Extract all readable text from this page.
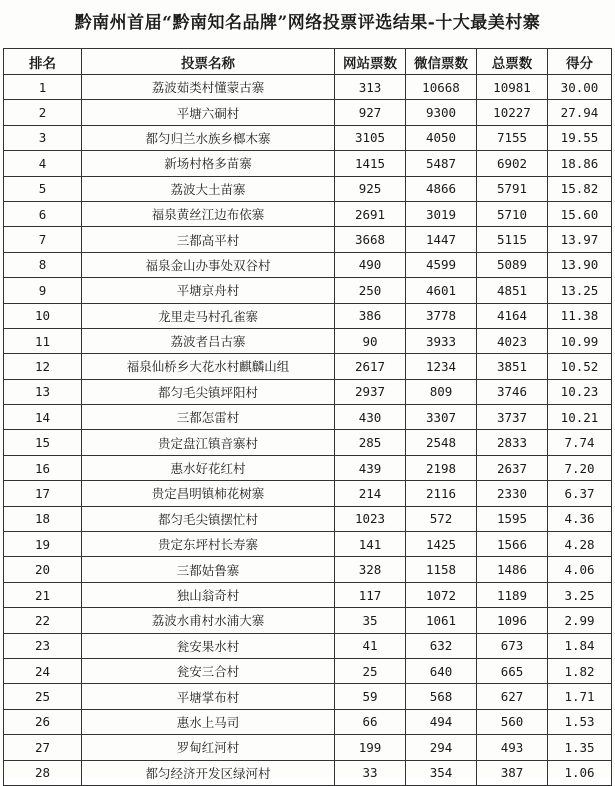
黔南州首届“黔南知名品牌”网络投票评选结果-十大最美村寨
排名	投票名称	网站票数	微信票数	总票数	得分
1	荔波茹类村懂蒙古寨	313	10668	10981	30.00
2	平塘六硐村	927	9300	10227	27.94
3	都匀归兰水族乡榔木寨	3105	4050	7155	19.55
4	新场村格多苗寨	1415	5487	6902	18.86
5	荔波大土苗寨	925	4866	5791	15.82
6	福泉黄丝江边布依寨	2691	3019	5710	15.60
7	三都高平村	3668	1447	5115	13.97
8	福泉金山办事处双谷村	490	4599	5089	13.90
9	平塘京舟村	250	4601	4851	13.25
10	龙里走马村孔雀寨	386	3778	4164	11.38
11	荔波者吕古寨	90	3933	4023	10.99
12	福泉仙桥乡大花水村麒麟山组	2617	1234	3851	10.52
13	都匀毛尖镇坪阳村	2937	809	3746	10.23
14	三都怎雷村	430	3307	3737	10.21
15	贵定盘江镇音寨村	285	2548	2833	7.74
16	惠水好花红村	439	2198	2637	7.20
17	贵定昌明镇柿花树寨	214	2116	2330	6.37
18	都匀毛尖镇摆忙村	1023	572	1595	4.36
19	贵定东坪村长寿寨	141	1425	1566	4.28
20	三都姑鲁寨	328	1158	1486	4.06
21	独山翁奇村	117	1072	1189	3.25
22	荔波水甫村水浦大寨	35	1061	1096	2.99
23	瓮安果水村	41	632	673	1.84
24	瓮安三合村	25	640	665	1.82
25	平塘掌布村	59	568	627	1.71
26	惠水上马司	66	494	560	1.53
27	罗甸红河村	199	294	493	1.35
28	都匀经济开发区绿河村	33	354	387	1.06
